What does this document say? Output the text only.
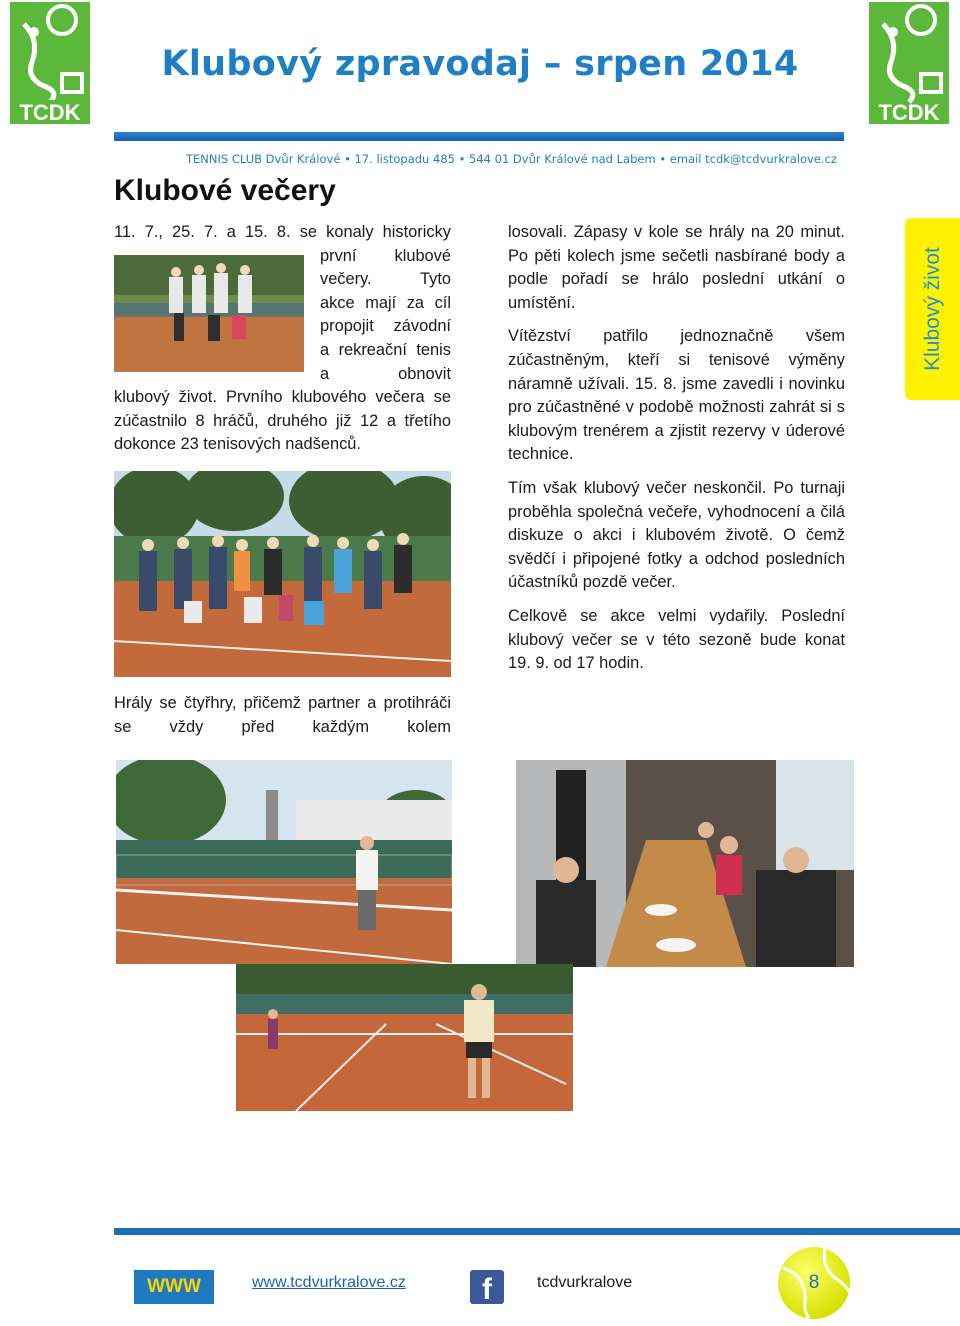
TCDK	TCDK
Klubový zpravodaj – srpen 2014
TENNIS CLUB Dvůr Králové • 17. listopadu 485 • 544 01 Dvůr Králové nad Labem • email tcdk@tcdvurkralove.cz
Klubové večery
11. 7., 25. 7. a 15. 8. se konaly historicky
první klubové
večery. Tyto
akce mají za cíl
propojit závodní
a rekreační tenis
a obnovit
klubový život. Prvního klubového večera se
zúčastnilo 8 hráčů, druhého již 12 a třetího
dokonce 23 tenisových nadšenců.
Hrály se čtyřhry, přičemž partner a protihráči se vždy před každým kolem

losovali. Zápasy v kole se hrály na 20 minut. Po pěti kolech jsme sečetli nasbírané body a podle pořadí se hrálo poslední utkání o umístění.

Vítězství patřilo jednoznačně všem zúčastněným, kteří si tenisové výměny náramně užívali. 15. 8. jsme zavedli i novinku pro zúčastněné v podobě možnosti zahrát si s klubovým trenérem a zjistit rezervy v úderové technice.

Tím však klubový večer neskončil. Po turnaji proběhla společná večeře, vyhodnocení a čilá diskuze o akci i klubovém životě. O čemž svědčí i připojené fotky a odchod posledních účastníků pozdě večer.

Celkově se akce velmi vydařily. Poslední klubový večer se v této sezoně bude konat 19. 9. od 17 hodin.

Klubový život
WWW	www.tcdvurkralove.cz	f	tcdvurkralove	8
